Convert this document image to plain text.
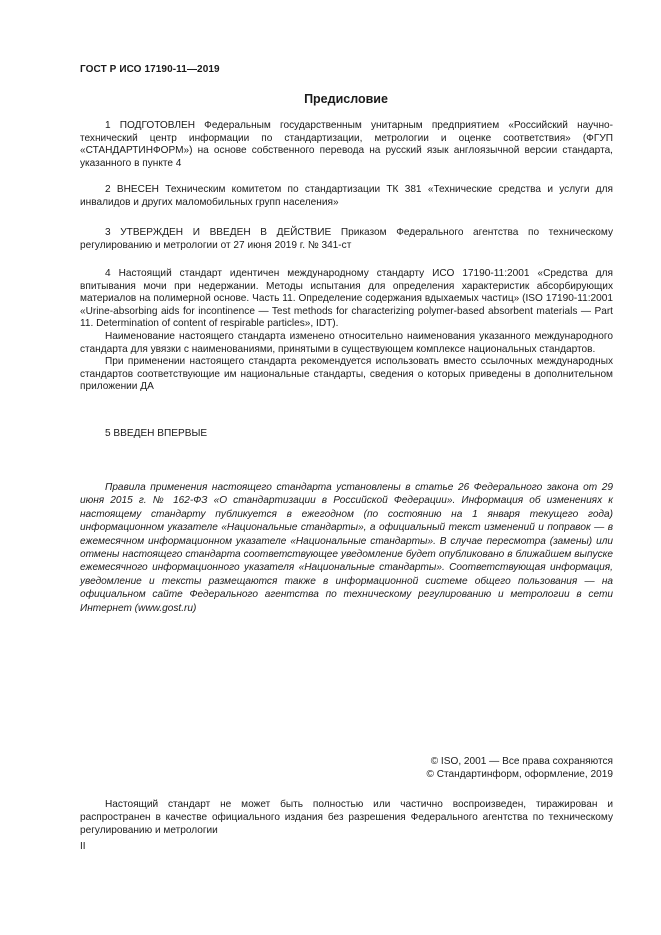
ГОСТ Р ИСО 17190-11—2019
Предисловие

1 ПОДГОТОВЛЕН Федеральным государственным унитарным предприятием «Российский научно-технический центр информации по стандартизации, метрологии и оценке соответствия» (ФГУП «СТАНДАРТИНФОРМ») на основе собственного перевода на русский язык англоязычной версии стандарта, указанного в пункте 4

2 ВНЕСЕН Техническим комитетом по стандартизации ТК 381 «Технические средства и услуги для инвалидов и других маломобильных групп населения»

3 УТВЕРЖДЕН И ВВЕДЕН В ДЕЙСТВИЕ Приказом Федерального агентства по техническому регулированию и метрологии от 27 июня 2019 г. № 341-ст

4 Настоящий стандарт идентичен международному стандарту ИСО 17190-11:2001 «Средства для впитывания мочи при недержании. Методы испытания для определения характеристик абсорбирующих материалов на полимерной основе. Часть 11. Определение содержания вдыхаемых частиц» (ISO 17190-11:2001 «Urine-absorbing aids for incontinence — Test methods for characterizing polymer-based absorbent materials — Part 11. Determination of content of respirable particles», IDT).

Наименование настоящего стандарта изменено относительно наименования указанного международного стандарта для увязки с наименованиями, принятыми в существующем комплексе национальных стандартов.

При применении настоящего стандарта рекомендуется использовать вместо ссылочных международных стандартов соответствующие им национальные стандарты, сведения о которых приведены в дополнительном приложении ДА

5 ВВЕДЕН ВПЕРВЫЕ

Правила применения настоящего стандарта установлены в статье 26 Федерального закона от 29 июня 2015 г. № 162-ФЗ «О стандартизации в Российской Федерации». Информация об изменениях к настоящему стандарту публикуется в ежегодном (по состоянию на 1 января текущего года) информационном указателе «Национальные стандарты», а официальный текст изменений и поправок — в ежемесячном информационном указателе «Национальные стандарты». В случае пересмотра (замены) или отмены настоящего стандарта соответствующее уведомление будет опубликовано в ближайшем выпуске ежемесячного информационного указателя «Национальные стандарты». Соответствующая информация, уведомление и тексты размещаются также в информационной системе общего пользования — на официальном сайте Федерального агентства по техническому регулированию и метрологии в сети Интернет (www.gost.ru)
© ISO, 2001 — Все права сохраняются
© Стандартинформ, оформление, 2019
Настоящий стандарт не может быть полностью или частично воспроизведен, тиражирован и распространен в качестве официального издания без разрешения Федерального агентства по техническому регулированию и метрологии
II
